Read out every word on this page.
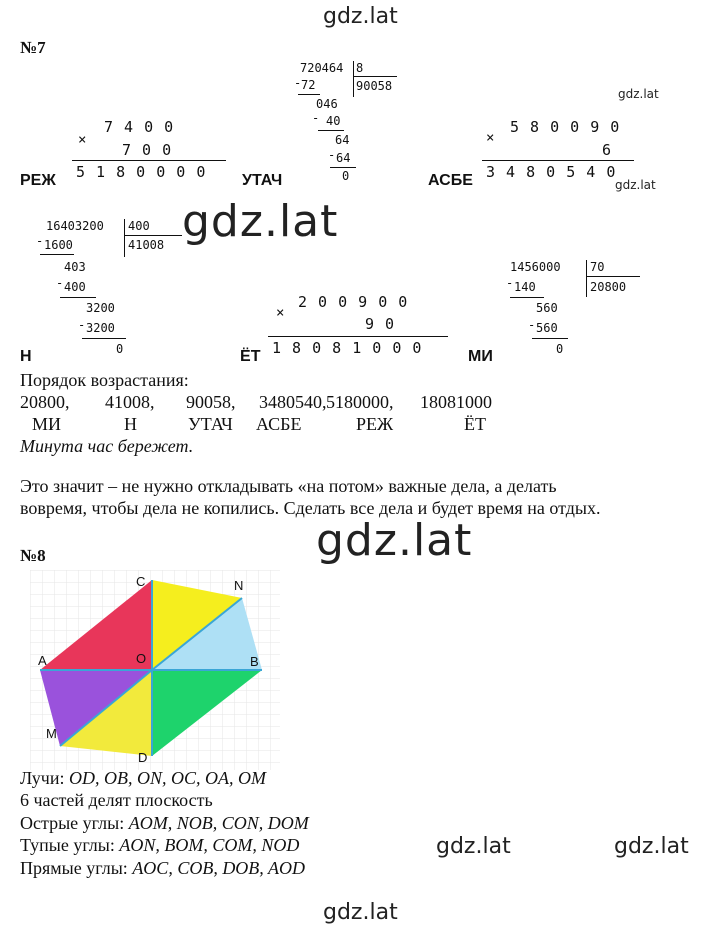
gdz.lat
gdz.lat
gdz.lat
gdz.lat
gdz.lat
gdz.lat	gdz.lat
gdz.lat
№7
×
7 4 0 0
7 0 0
5 1 8 0 0 0 0
РЕЖ
720464 8
90058
- 72
046
- 40
64
- 64
0
УТАЧ
×
5 8 0 0 9 0
6
3 4 8 0 5 4 0
АСБЕ
16403200 400
41008
- 1600
403
- 400
3200
- 3200
0
Н
×
2 0 0 9 0 0
9 0
1 8 0 8 1 0 0 0
ЁТ
1456000 70
20800
- 140
560
- 560
0
МИ
Порядок возрастания:
20800, 41008, 90058, 3480540, 5180000, 18081000
МИ	Н	УТАЧ АСБЕ	РЕЖ	ЁТ
Минута час бережет.
Это значит – не нужно откладывать «на потом» важные дела, а делать
вовремя, чтобы дела не копились. Сделать все дела и будет время на отдых.
№8
C	N
A	O	B
M
D
Лучи: OD, OB, ON, OC, OA, OM
6 частей делят плоскость
Острые углы: AOM, NOB, CON, DOM
Тупые углы: AON, BOM, COM, NOD
Прямые углы: AOC, COB, DOB, AOD
